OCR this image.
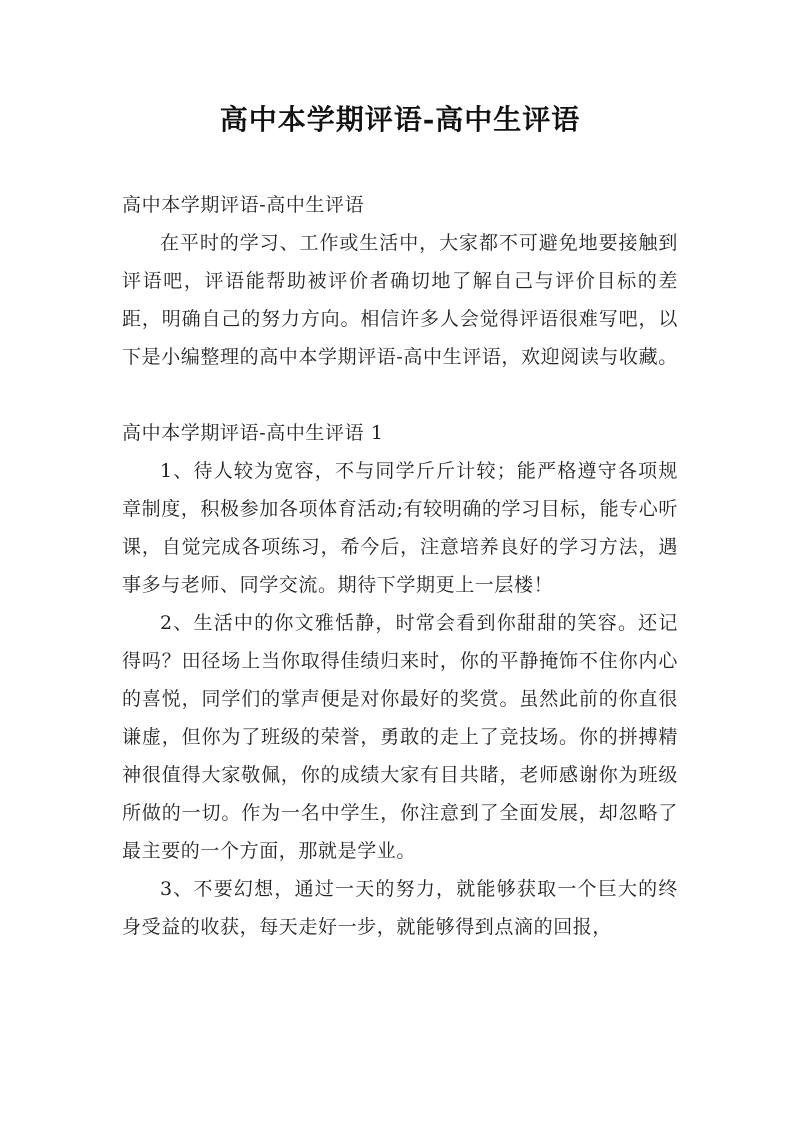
高中本学期评语-高中生评语

高中本学期评语-高中生评语

在平时的学习、工作或生活中，大家都不可避免地要接触到评语吧，评语能帮助被评价者确切地了解自己与评价目标的差距，明确自己的努力方向。相信许多人会觉得评语很难写吧，以下是小编整理的高中本学期评语-高中生评语，欢迎阅读与收藏。

高中本学期评语-高中生评语 1

1、待人较为宽容，不与同学斤斤计较；能严格遵守各项规章制度，积极参加各项体育活动;有较明确的学习目标，能专心听课，自觉完成各项练习，希今后，注意培养良好的学习方法，遇事多与老师、同学交流。期待下学期更上一层楼！

2、生活中的你文雅恬静，时常会看到你甜甜的笑容。还记得吗？田径场上当你取得佳绩归来时，你的平静掩饰不住你内心的喜悦，同学们的掌声便是对你最好的奖赏。虽然此前的你直很谦虚，但你为了班级的荣誉，勇敢的走上了竞技场。你的拼搏精神很值得大家敬佩，你的成绩大家有目共睹，老师感谢你为班级所做的一切。作为一名中学生，你注意到了全面发展，却忽略了最主要的一个方面，那就是学业。

3、不要幻想，通过一天的努力，就能够获取一个巨大的终身受益的收获，每天走好一步，就能够得到点滴的回报，
